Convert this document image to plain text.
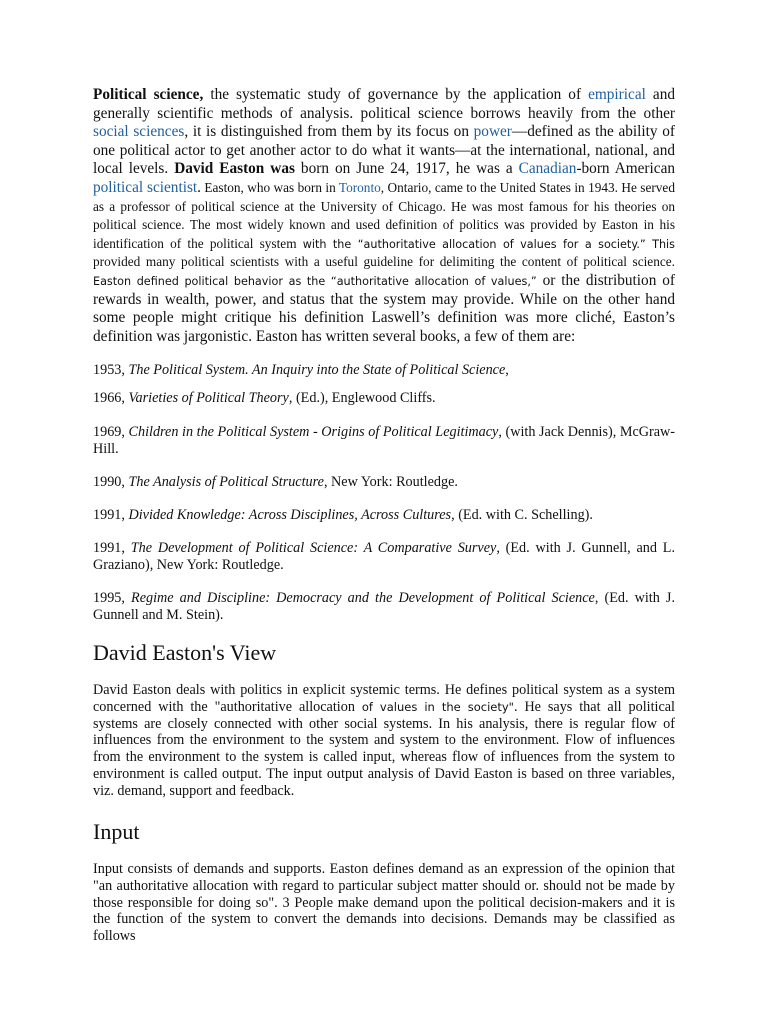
Political science, the systematic study of governance by the application of empirical and generally scientific methods of analysis. political science borrows heavily from the other social sciences, it is distinguished from them by its focus on power—defined as the ability of one political actor to get another actor to do what it wants—at the international, national, and local levels. David Easton was born on June 24, 1917, he was a Canadian-born American political scientist. Easton, who was born in Toronto, Ontario, came to the United States in 1943. He served as a professor of political science at the University of Chicago. He was most famous for his theories on political science. The most widely known and used definition of politics was provided by Easton in his identification of the political system with the “authoritative allocation of values for a society.” This provided many political scientists with a useful guideline for delimiting the content of political science. Easton defined political behavior as the “authoritative allocation of values,” or the distribution of rewards in wealth, power, and status that the system may provide. While on the other hand some people might critique his definition Laswell’s definition was more cliché, Easton’s definition was jargonistic. Easton has written several books, a few of them are:

1953, The Political System. An Inquiry into the State of Political Science,

1966, Varieties of Political Theory, (Ed.), Englewood Cliffs.

1969, Children in the Political System - Origins of Political Legitimacy, (with Jack Dennis), McGraw-Hill.

1990, The Analysis of Political Structure, New York: Routledge.

1991, Divided Knowledge: Across Disciplines, Across Cultures, (Ed. with C. Schelling).

1991, The Development of Political Science: A Comparative Survey, (Ed. with J. Gunnell, and L. Graziano), New York: Routledge.

1995, Regime and Discipline: Democracy and the Development of Political Science, (Ed. with J. Gunnell and M. Stein).

David Easton's View

David Easton deals with politics in explicit systemic terms. He defines political system as a system concerned with the "authoritative allocation of values in the society". He says that all political systems are closely connected with other social systems. In his analysis, there is regular flow of influences from the environment to the system and system to the environment. Flow of influences from the environment to the system is called input, whereas flow of influences from the system to environment is called output. The input output analysis of David Easton is based on three variables, viz. demand, support and feedback.

Input

Input consists of demands and supports. Easton defines demand as an expression of the opinion that "an authoritative allocation with regard to particular subject matter should or. should not be made by those responsible for doing so". 3 People make demand upon the political decision-makers and it is the function of the system to convert the demands into decisions. Demands may be classified as follows
